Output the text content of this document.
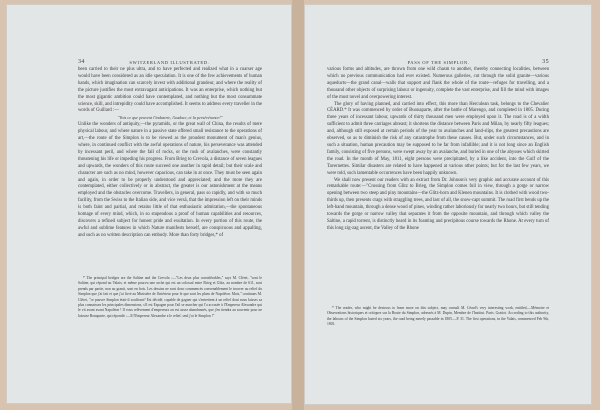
34	SWITZERLAND ILLUSTRATED.

been carried to their ne plus ultra, and to have perfected and realized what in a coarser age would have been considered as an idle speculation. It is one of the few achievements of human hands, which imagination can scarcely invest with additional grandeur, and where the reality of the picture justifies the most extravagant anticipations. It was an enterprise, which nothing but the most gigantic ambition could have contemplated, and nothing but the most consummate science, skill, and intrepidity could have accomplished. It seems to address every traveller in the words of Guillard :—

"Vois ce que peuvent l'industrie, l'audace, et la persévérance!"

Unlike the wonders of antiquity,—the pyramids, or the great wall of China, the results of mere physical labour, and where nature in a passive state offered small resistance to the operations of art,—the route of the Simplon is to be viewed as the proudest monument of man's genius, where, in continued conflict with the awful operations of nature, his perseverance was attended by incessant peril, and where the fall of rocks, or the rush of avalanches, were constantly threatening his life or impeding his progress. From Brieg to Crevola, a distance of seven leagues and upwards, the wonders of this route succeed one another in rapid detail; but their scale and character are such as no mind, however capacious, can take in at once. They must be seen again and again, in order to be properly understood and appreciated; and the more they are contemplated, either collectively or in abstract, the greater is our astonishment at the means employed and the obstacles overcome. Travellers, in general, pass so rapidly, and with so much facility, from the Swiss to the Italian side, and vice versâ, that the impression left on their minds is both faint and partial, and retains little of that enthusiastic admiration,—the spontaneous homage of every mind, which, in so stupendous a proof of human capabilities and resources, discovers a refined subject for honest pride and exultation. In every portion of this route, the awful and sublime features in which Nature manifests herself, are conspicuous and appalling, and such as no written description can embody. More than forty bridges,* of

* The principal bridges are the Saltine and the Crevola :—"Les deux plus considérables," says M. Cléret, "sont le Saltine, qui répond au Valais; et même pourvu une arche qui est un colossal entre Brieg et Glitz, au nombre de 611, sont prends par partie, non au granit, sont en bois. Les dessins ne sont donc commencés convenablement le trouver au relief du Simplon que j'ai fait et que j'ai livré au Ministère de l'intérieur pour le que sont les plans de Napoléon. Mais," continues M. Cléret, "ce pauvre Simplon était-il souffrant? Est décidé, capable de gagner qui s'entretient à un relief dont nous laisses sa plus connaissez les principales dimensions, s'il est Espagne pour l'ail se marcher qui l'a accusée à l'Empereur Alexandre qui le vit avant avant Napoléon ! Il vous relèvement d'empereurs on est assez abandonnés, que j'en tiendra au souvenir pour ne laissiez Bonaparte, qui répondit :—Il l'Empereur Alexandre a le relief, seul j'ai le Simplon !"

PASS OF THE SIMPLON.	35

various forms and altitudes, are thrown from one wild chasm to another, thereby connecting localities, between which no previous communication had ever existed. Numerous galleries, cut through the solid granite—various aqueducts—the grand canal—walls that support and flank the whole of the route—refuges for travelling, and a thousand other objects of surprising labour or ingenuity, complete the vast enterprise, and fill the mind with images of the most novel and overpowering interest.

The glory of having planned, and carried into effect, this more than Herculean task, belongs to the Chevalier CÉARD.* It was commenced by order of Buonaparte, after the battle of Marengo, and completed in 1805. During three years of incessant labour, upwards of thirty thousand men were employed upon it. The road is of a width sufficient to admit three carriages abreast; it shortens the distance between Paris and Milan, by nearly fifty leagues; and, although still exposed at certain periods of the year to avalanches and land-slips, the greatest precautions are observed, so as to diminish the risk of any catastrophe from these causes. But, under such circumstances, and in such a situation, human precaution may be supposed to be far from infallible; and it is not long since an English family, consisting of five persons, were swept away by an avalanche, and buried in one of the abysses which skirted the road. In the month of May, 1811, eight persons were precipitated, by a like accident, into the Gulf of the Tavernettes. Similar disasters are related to have happened at various other points; but for the last few years, we were told, such lamentable occurrences have been happily unknown.

We shall now present our readers with an extract from Dr. Johnson's very graphic and accurate account of this remarkable route:—"Crossing from Glitz to Brieg, the Simplon comes full in view, through a gorge or narrow opening between two steep and piny mountains—the Glitz-horn and Klenen mountains. It is clothed with wood two-thirds up, then presents crags with straggling trees, and last of all, the snow-capt summit. The road first bends up the left-hand mountain, through a dense wood of pines, winding rather laboriously for nearly two hours, but still tending towards the gorge or narrow valley that separates it from the opposite mountain, and through which valley the Saltine, a rapid torrent, is distinctly heard in its foaming and precipitous course towards the Rhone. At every turn of this long zig-zag ascent, the Valley of the Rhone

* The reader, who might be desirous to learn more on this subject, may consult M. Céard's very interesting work, entitled,—Mémoire et Observations historiques et critiques sur la Route du Simplon, adressés à M. Dupin, Membre de l'Institut. Paris. Gratiot. According to this authority, the labours of the Simplon lasted six years, the road being merely passable in 1805.—P. 31. The first operations, in the Valais, commenced Feb 9th, 1801.
